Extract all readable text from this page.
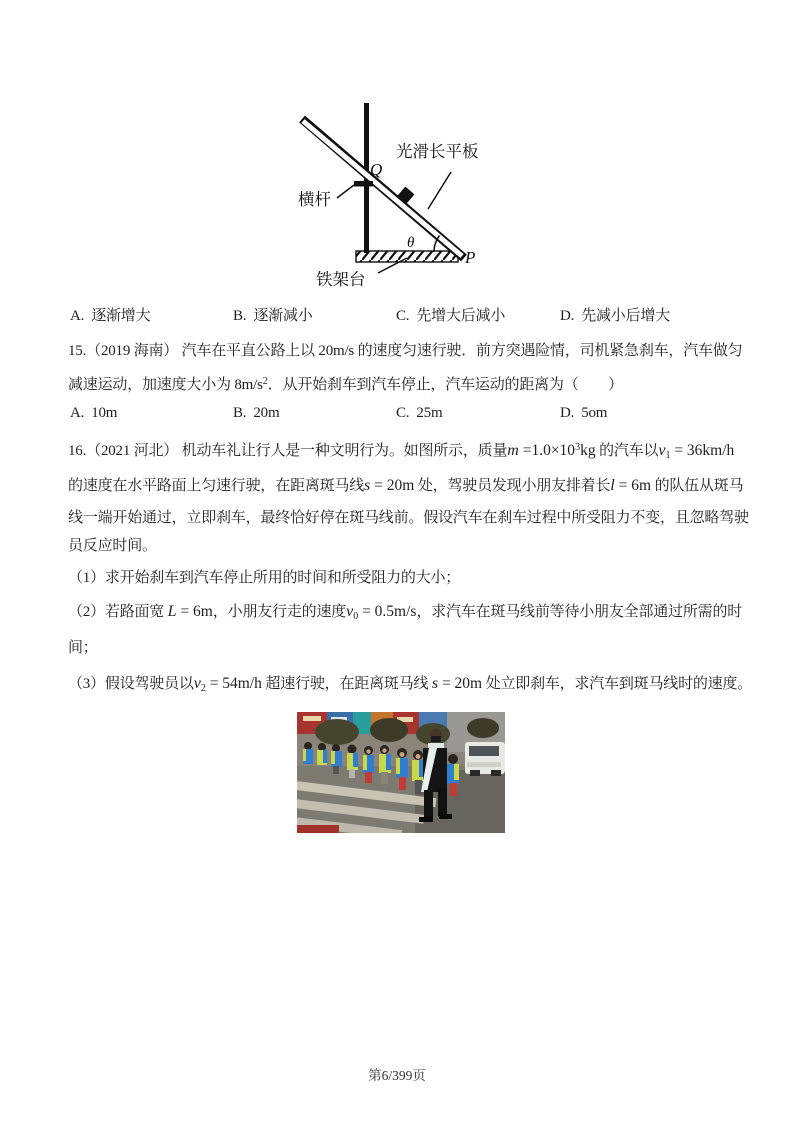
Q
P
θ
光滑长平板
横杆
铁架台
A. 逐渐增大	B. 逐渐减小	C. 先增大后减小	D. 先减小后增大
15.（2019 海南） 汽车在平直公路上以 20m/s 的速度匀速行驶．前方突遇险情，司机紧急刹车，汽车做匀
减速运动，加速度大小为 $8m/s^2$．从开始刹车到汽车停止，汽车运动的距离为（　　）
A. 10m	B. 20m	C. 25m	D. 5om
16.（2021 河北） 机动车礼让行人是一种文明行为。如图所示，质量$m =1.0\times 10^3kg$ 的汽车以$v_1 = 36km/h$
的速度在水平路面上匀速行驶，在距离斑马线s = 20m 处，驾驶员发现小朋友排着长l = 6m 的队伍从斑马
线一端开始通过，立即刹车，最终恰好停在斑马线前。假设汽车在刹车过程中所受阻力不变，且忽略驾驶
员反应时间。
（1）求开始刹车到汽车停止所用的时间和所受阻力的大小；
（2）若路面宽 L = 6m，小朋友行走的速度$v_0 = 0.5m/s$，求汽车在斑马线前等待小朋友全部通过所需的时
间；
（3）假设驾驶员以$v_2 = 54m/h$ 超速行驶，在距离斑马线 s = 20m 处立即刹车，求汽车到斑马线时的速度。
第6/399页
